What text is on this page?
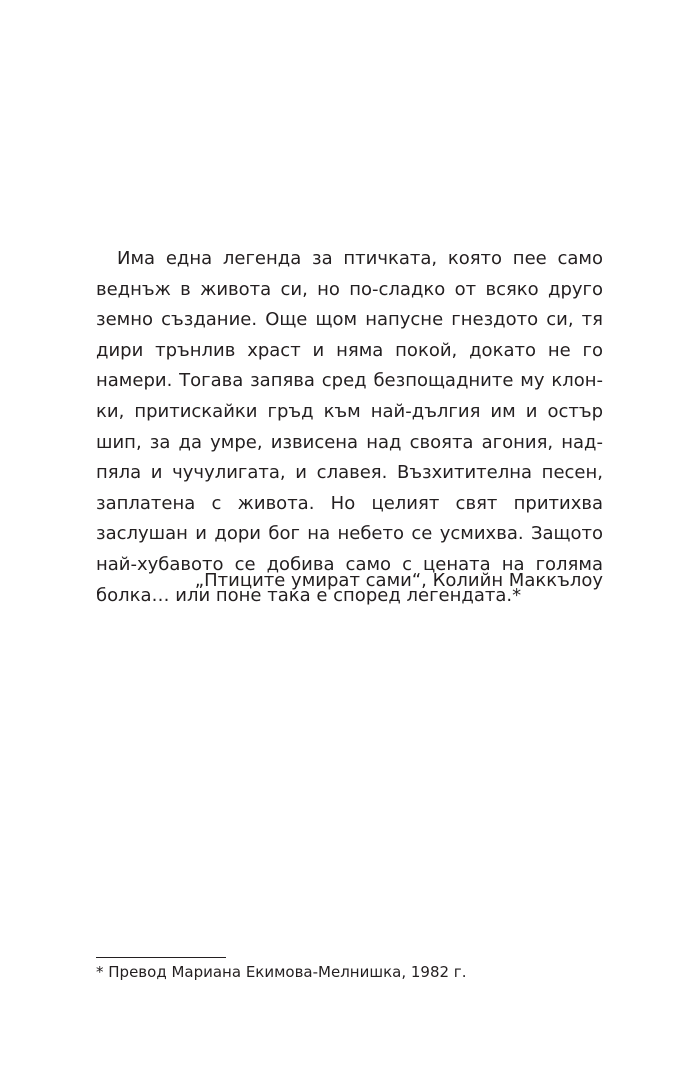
Има една легенда за птичката, която пее само
веднъж в живота си, но по-сладко от всяко друго
земно създание. Още щом напусне гнездото си, тя
дири трънлив храст и няма покой, докато не го
намери. Тогава запява сред безпощадните му клон-
ки, притискайки гръд към най-дългия им и остър
шип, за да умре, извисена над своята агония, над-
пяла и чучулигата, и славея. Възхитителна песен,
заплатена с живота. Но целият свят притихва
заслушан и дори бог на небето се усмихва. Защото
най-хубавото се добива само с цената на голяма
болка… или поне така е според легендата.*

„Птиците умират сами“, Колийн Маккълоу

* Превод Мариана Екимова-Мелнишка, 1982 г.
